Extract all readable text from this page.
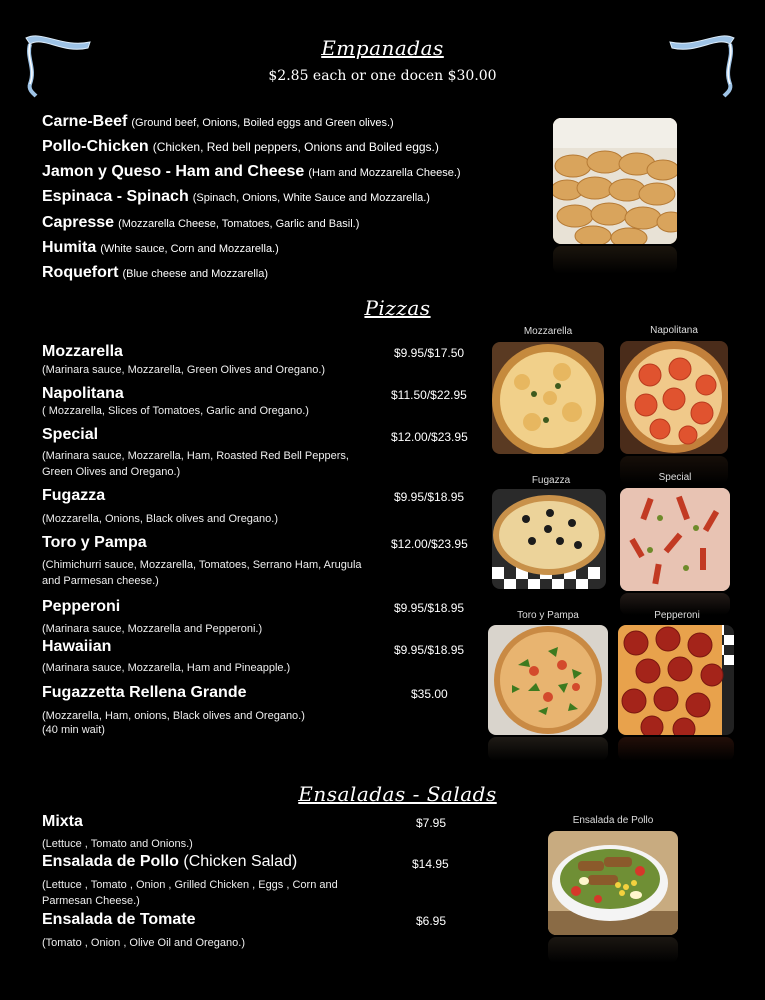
Empanadas
$2.85 each or one docen $30.00
Carne-Beef (Ground beef, Onions, Boiled eggs and Green olives.)
Pollo-Chicken (Chicken, Red bell peppers, Onions and Boiled eggs.)
Jamon y Queso - Ham and Cheese (Ham and Mozzarella Cheese.)
Espinaca - Spinach (Spinach, Onions, White Sauce and Mozzarella.)
Capresse (Mozzarella Cheese, Tomatoes, Garlic and Basil.)
Humita (White sauce, Corn and Mozzarella.)
Roquefort (Blue cheese and Mozzarella)
Pizzas
Mozzarella	$9.95/$17.50
(Marinara sauce, Mozzarella, Green Olives and Oregano.)
Napolitana	$11.50/$22.95
( Mozzarella, Slices of Tomatoes, Garlic and Oregano.)
Special	$12.00/$23.95
(Marinara sauce, Mozzarella, Ham, Roasted Red Bell Peppers, Green Olives and Oregano.)
Fugazza	$9.95/$18.95
(Mozzarella, Onions, Black olives and Oregano.)
Toro y Pampa	$12.00/$23.95
(Chimichurri sauce, Mozzarella, Tomatoes, Serrano Ham, Arugula and Parmesan cheese.)
Pepperoni	$9.95/$18.95
(Marinara sauce, Mozzarella and Pepperoni.)
Hawaiian	$9.95/$18.95
(Marinara sauce, Mozzarella, Ham and Pineapple.)
Fugazzetta Rellena Grande	$35.00
(Mozzarella, Ham, onions, Black olives and Oregano.)
(40 min wait)
Mozzarella	Napolitana
Fugazza	Special
Toro y Pampa	Pepperoni
Ensaladas - Salads
Mixta	$7.95
(Lettuce , Tomato and Onions.)
Ensalada de Pollo (Chicken Salad)	$14.95
(Lettuce , Tomato , Onion , Grilled Chicken , Eggs , Corn and Parmesan Cheese.)
Ensalada de Tomate	$6.95
(Tomato , Onion , Olive Oil and Oregano.)
Ensalada de Pollo
